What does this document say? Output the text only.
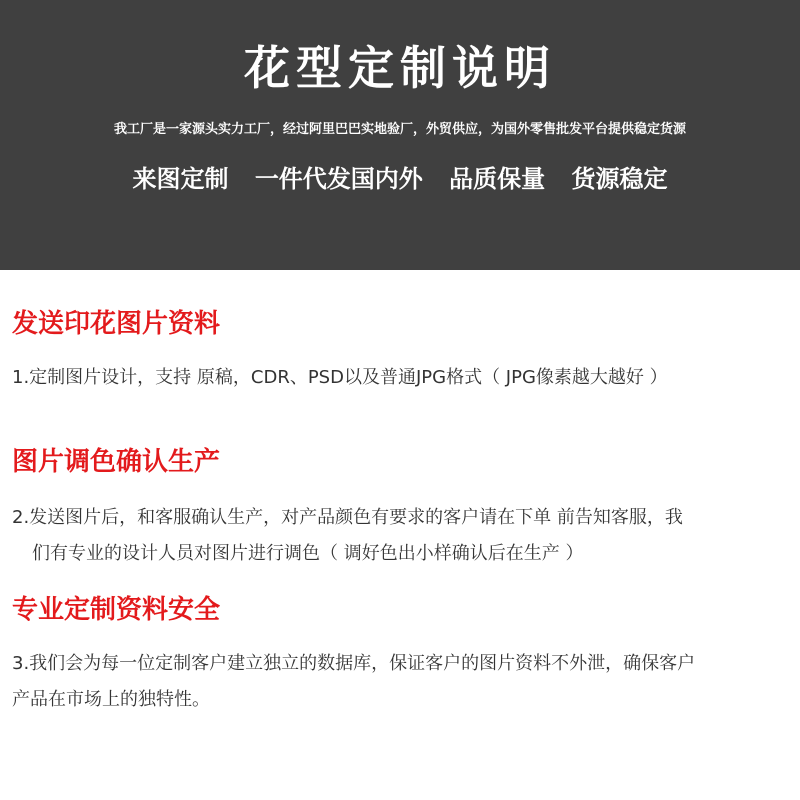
花型定制说明
我工厂是一家源头实力工厂，经过阿里巴巴实地验厂，外贸供应，为国外零售批发平台提供稳定货源
来图定制 一件代发国内外 品质保量 货源稳定
发送印花图片资料
1.定制图片设计，支持 原稿，CDR、PSD以及普通JPG格式（ JPG像素越大越好 ）
图片调色确认生产
2.发送图片后，和客服确认生产，对产品颜色有要求的客户请在下单 前告知客服，我
们有专业的设计人员对图片进行调色（ 调好色出小样确认后在生产 ）
专业定制资料安全
3.我们会为每一位定制客户建立独立的数据库，保证客户的图片资料不外泄，确保客户
产品在市场上的独特性。
